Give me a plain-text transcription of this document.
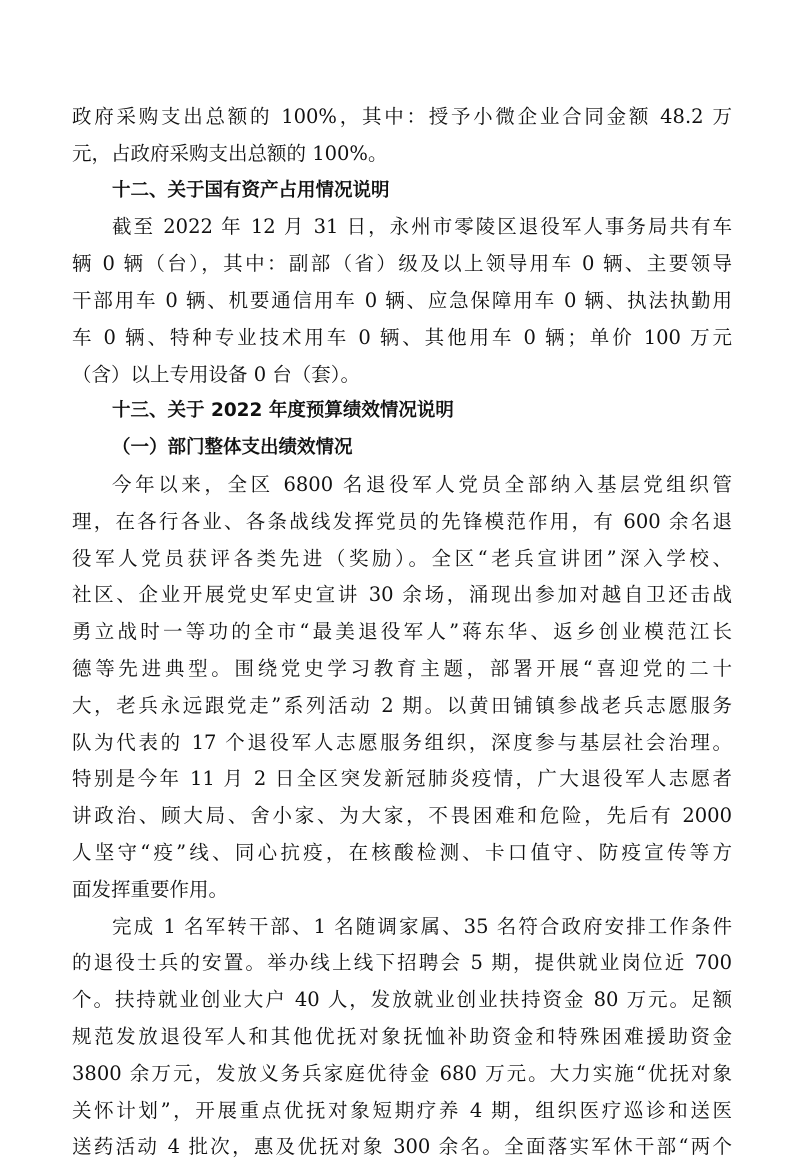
政府采购支出总额的 100%，其中：授予小微企业合同金额 48.2 万
元，占政府采购支出总额的 100%。
十二、关于国有资产占用情况说明
截至 2022 年 12 月 31 日，永州市零陵区退役军人事务局共有车
辆 0 辆（台），其中：副部（省）级及以上领导用车 0 辆、主要领导
干部用车 0 辆、机要通信用车 0 辆、应急保障用车 0 辆、执法执勤用
车 0 辆、特种专业技术用车 0 辆、其他用车 0 辆；单价 100 万元
（含）以上专用设备 0 台（套）。
十三、关于 2022 年度预算绩效情况说明
（一）部门整体支出绩效情况
今年以来，全区 6800 名退役军人党员全部纳入基层党组织管
理，在各行各业、各条战线发挥党员的先锋模范作用，有 600 余名退
役军人党员获评各类先进（奖励）。全区“老兵宣讲团”深入学校、
社区、企业开展党史军史宣讲 30 余场，涌现出参加对越自卫还击战
勇立战时一等功的全市“最美退役军人”蒋东华、返乡创业模范江长
德等先进典型。围绕党史学习教育主题，部署开展“喜迎党的二十
大，老兵永远跟党走”系列活动 2 期。以黄田铺镇参战老兵志愿服务
队为代表的 17 个退役军人志愿服务组织，深度参与基层社会治理。
特别是今年 11 月 2 日全区突发新冠肺炎疫情，广大退役军人志愿者
讲政治、顾大局、舍小家、为大家，不畏困难和危险，先后有 2000
人坚守“疫”线、同心抗疫，在核酸检测、卡口值守、防疫宣传等方
面发挥重要作用。
完成 1 名军转干部、1 名随调家属、35 名符合政府安排工作条件
的退役士兵的安置。举办线上线下招聘会 5 期，提供就业岗位近 700
个。扶持就业创业大户 40 人，发放就业创业扶持资金 80 万元。足额
规范发放退役军人和其他优抚对象抚恤补助资金和特殊困难援助资金
3800 余万元，发放义务兵家庭优待金 680 万元。大力实施“优抚对象
关怀计划”，开展重点优抚对象短期疗养 4 期，组织医疗巡诊和送医
送药活动 4 批次，惠及优抚对象 300 余名。全面落实军休干部“两个
